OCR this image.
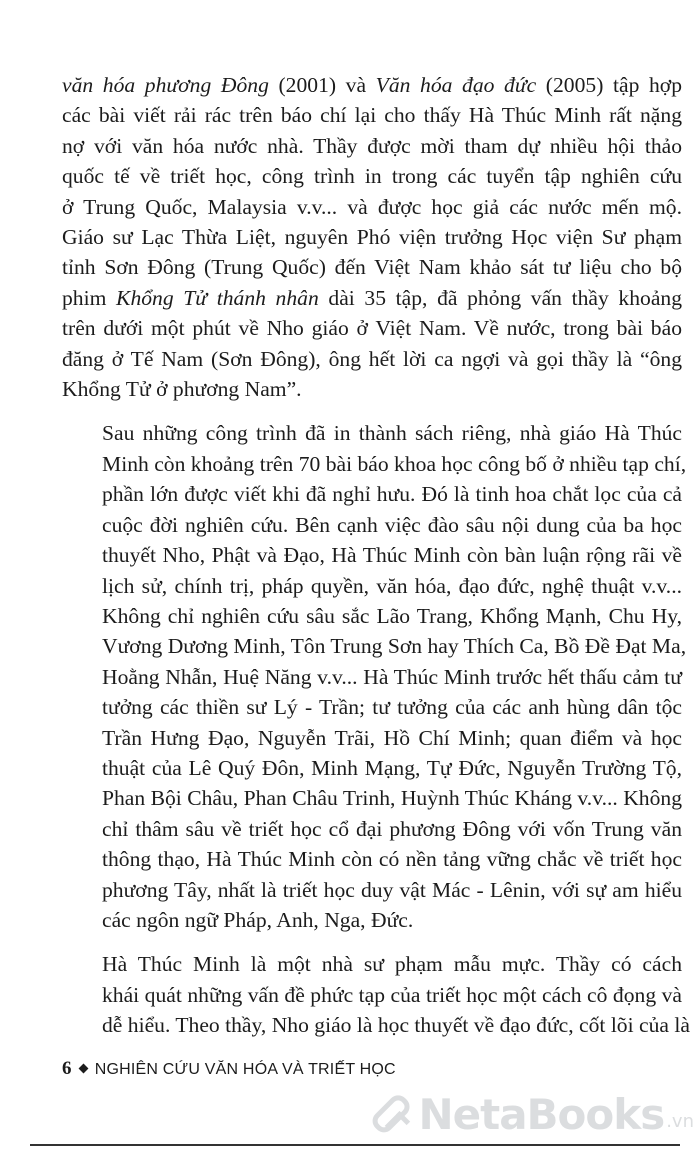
văn hóa phương Đông (2001) và Văn hóa đạo đức (2005) tập hợp
các bài viết rải rác trên báo chí lại cho thấy Hà Thúc Minh rất nặng
nợ với văn hóa nước nhà. Thầy được mời tham dự nhiều hội thảo
quốc tế về triết học, công trình in trong các tuyển tập nghiên cứu
ở Trung Quốc, Malaysia v.v... và được học giả các nước mến mộ.
Giáo sư Lạc Thừa Liệt, nguyên Phó viện trưởng Học viện Sư phạm
tỉnh Sơn Đông (Trung Quốc) đến Việt Nam khảo sát tư liệu cho bộ
phim Khổng Tử thánh nhân dài 35 tập, đã phỏng vấn thầy khoảng
trên dưới một phút về Nho giáo ở Việt Nam. Về nước, trong bài báo
đăng ở Tế Nam (Sơn Đông), ông hết lời ca ngợi và gọi thầy là “ông
Khổng Tử ở phương Nam”.

Sau những công trình đã in thành sách riêng, nhà giáo Hà Thúc
Minh còn khoảng trên 70 bài báo khoa học công bố ở nhiều tạp chí,
phần lớn được viết khi đã nghỉ hưu. Đó là tinh hoa chắt lọc của cả
cuộc đời nghiên cứu. Bên cạnh việc đào sâu nội dung của ba học
thuyết Nho, Phật và Đạo, Hà Thúc Minh còn bàn luận rộng rãi về
lịch sử, chính trị, pháp quyền, văn hóa, đạo đức, nghệ thuật v.v...
Không chỉ nghiên cứu sâu sắc Lão Trang, Khổng Mạnh, Chu Hy,
Vương Dương Minh, Tôn Trung Sơn hay Thích Ca, Bồ Đề Đạt Ma,
Hoằng Nhẫn, Huệ Năng v.v... Hà Thúc Minh trước hết thấu cảm tư
tưởng các thiền sư Lý - Trần; tư tưởng của các anh hùng dân tộc
Trần Hưng Đạo, Nguyễn Trãi, Hồ Chí Minh; quan điểm và học
thuật của Lê Quý Đôn, Minh Mạng, Tự Đức, Nguyễn Trường Tộ,
Phan Bội Châu, Phan Châu Trinh, Huỳnh Thúc Kháng v.v... Không
chỉ thâm sâu về triết học cổ đại phương Đông với vốn Trung văn
thông thạo, Hà Thúc Minh còn có nền tảng vững chắc về triết học
phương Tây, nhất là triết học duy vật Mác - Lênin, với sự am hiểu
các ngôn ngữ Pháp, Anh, Nga, Đức.

Hà Thúc Minh là một nhà sư phạm mẫu mực. Thầy có cách
khái quát những vấn đề phức tạp của triết học một cách cô đọng và
dễ hiểu. Theo thầy, Nho giáo là học thuyết về đạo đức, cốt lõi của là

6 NGHIÊN CỨU VĂN HÓA VÀ TRIẾT HỌC
NetaBooks .vn
